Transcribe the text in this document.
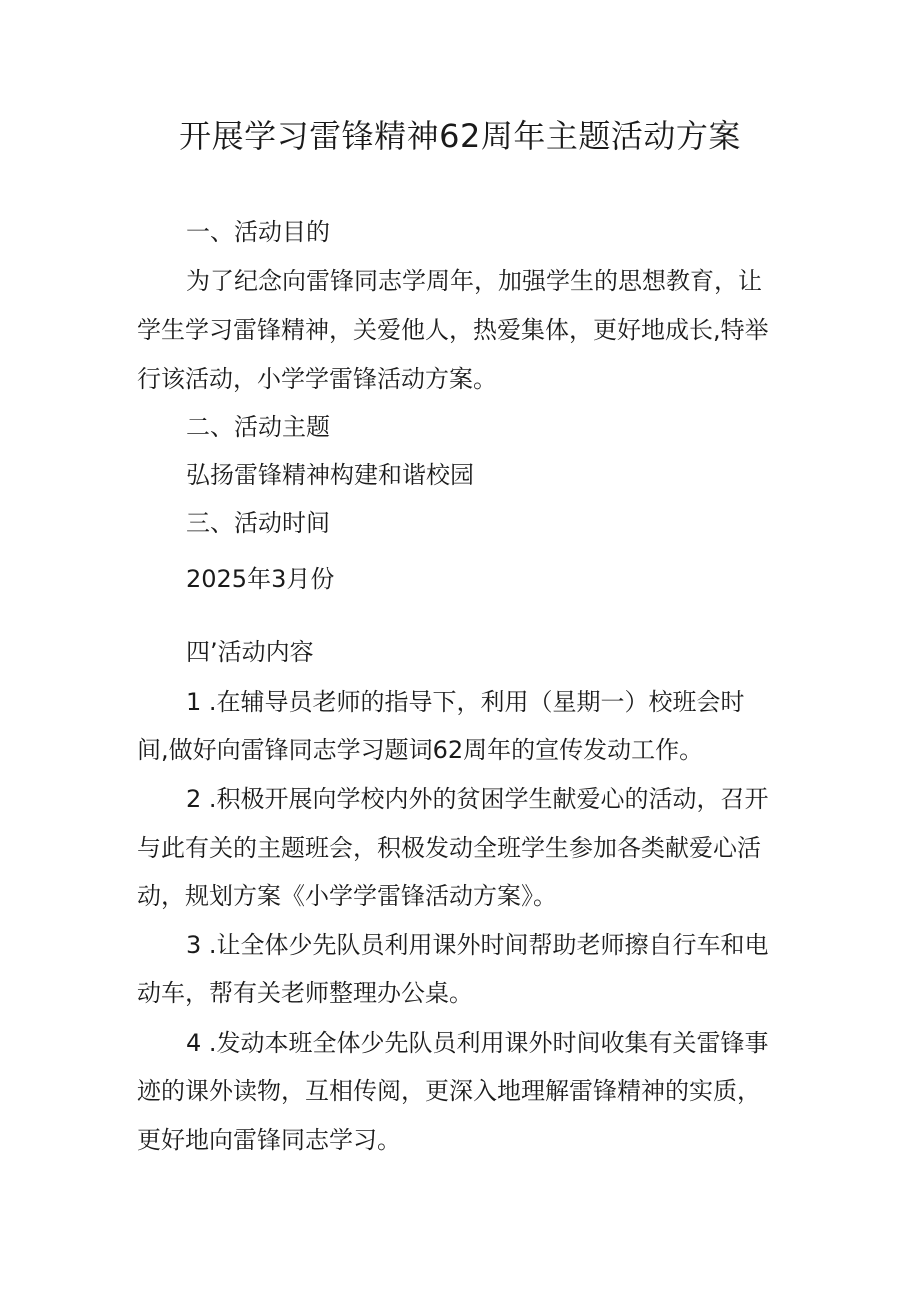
开展学习雷锋精神62周年主题活动方案
一、活动目的
为了纪念向雷锋同志学周年，加强学生的思想教育，让
学生学习雷锋精神，关爱他人，热爱集体，更好地成长,特举
行该活动，小学学雷锋活动方案。
二、活动主题
弘扬雷锋精神构建和谐校园
三、活动时间
2025年3月份
四’活动内容
1 .在辅导员老师的指导下，利用（星期一）校班会时
间,做好向雷锋同志学习题词62周年的宣传发动工作。
2 .积极开展向学校内外的贫困学生献爱心的活动，召开
与此有关的主题班会，积极发动全班学生参加各类献爱心活
动，规划方案《小学学雷锋活动方案》。
3 .让全体少先队员利用课外时间帮助老师擦自行车和电
动车，帮有关老师整理办公桌。
4 .发动本班全体少先队员利用课外时间收集有关雷锋事
迹的课外读物，互相传阅，更深入地理解雷锋精神的实质，
更好地向雷锋同志学习。
